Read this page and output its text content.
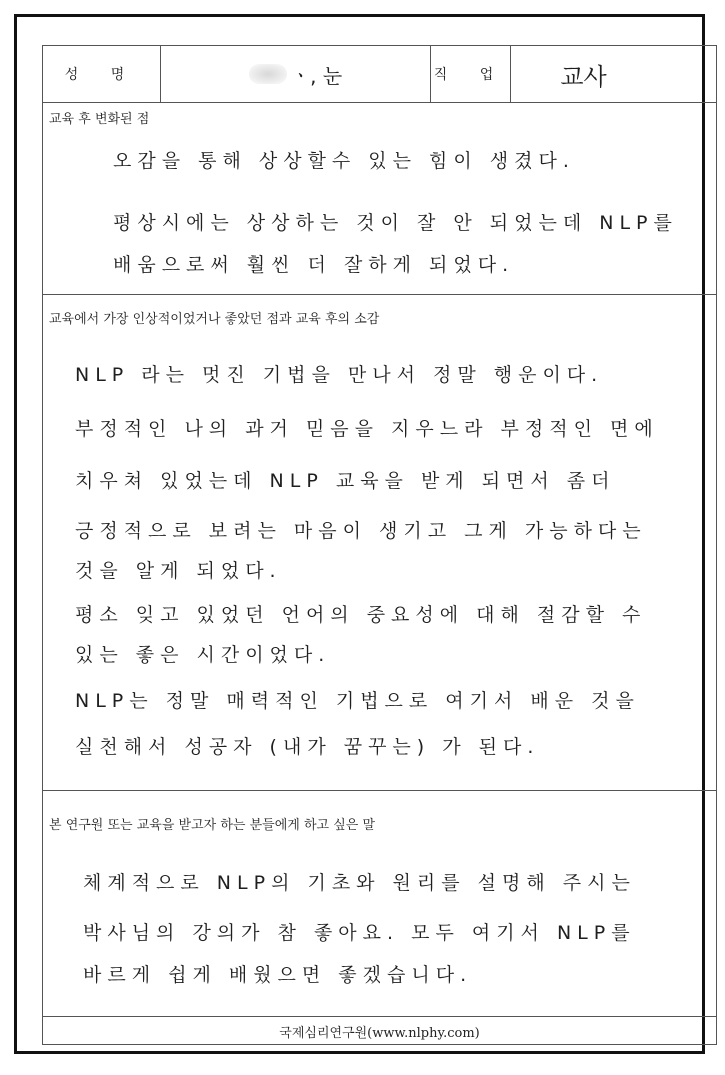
성 명	ㆍ, 눈	직 업 교사
교육 후 변화된 점
오감을 통해 상상할수 있는 힘이 생겼다.
평상시에는 상상하는 것이 잘 안 되었는데 NLP를
배움으로써 훨씬 더 잘하게 되었다.
교육에서 가장 인상적이었거나 좋았던 점과 교육 후의 소감
NLP 라는 멋진 기법을 만나서 정말 행운이다.
부정적인 나의 과거 믿음을 지우느라 부정적인 면에
치우쳐 있었는데 NLP 교육을 받게 되면서 좀더
긍정적으로 보려는 마음이 생기고 그게 가능하다는
것을 알게 되었다.
평소 잊고 있었던 언어의 중요성에 대해 절감할 수
있는 좋은 시간이었다.
NLP는 정말 매력적인 기법으로 여기서 배운 것을
실천해서 성공자 (내가 꿈꾸는) 가 된다.
본 연구원 또는 교육을 받고자 하는 분들에게 하고 싶은 말
체계적으로 NLP의 기초와 원리를 설명해 주시는
박사님의 강의가 참 좋아요. 모두 여기서 NLP를
바르게 쉽게 배웠으면 좋겠습니다.
국제심리연구원(www.nlphy.com)
